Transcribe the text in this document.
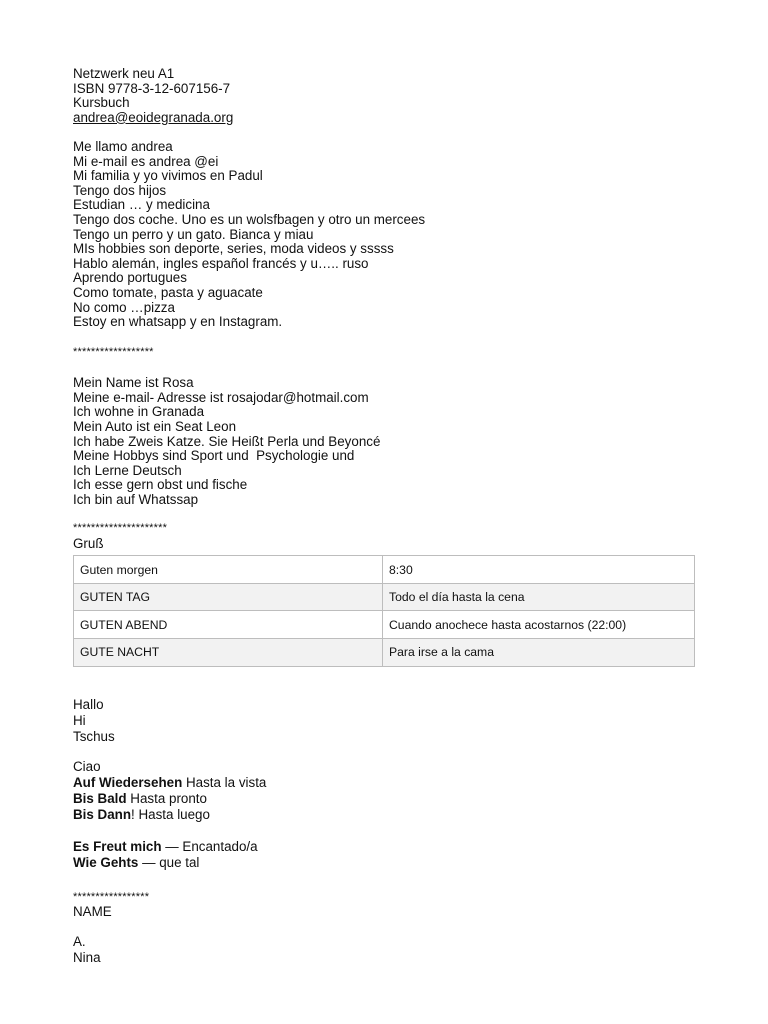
Netzwerk neu A1
ISBN 9778-3-12-607156-7
Kursbuch
andrea@eoidegranada.org
Me llamo andrea
Mi e-mail es andrea @ei
Mi familia y yo vivimos en Padul
Tengo dos hijos
Estudian … y medicina
Tengo dos coche. Uno es un wolsfbagen y otro un mercees
Tengo un perro y un gato. Bianca y miau
MIs hobbies son deporte, series, moda videos y sssss
Hablo alemán, ingles español francés y u….. ruso
Aprendo portugues
Como tomate, pasta y aguacate
No como …pizza
Estoy en whatsapp y en Instagram.
******************
Mein Name ist Rosa
Meine e-mail- Adresse ist rosajodar@hotmail.com
Ich wohne in Granada
Mein Auto ist ein Seat Leon
Ich habe Zweis Katze. Sie Heißt Perla und Beyoncé
Meine Hobbys sind Sport und  Psychologie und
Ich Lerne Deutsch
Ich esse gern obst und fische
Ich bin auf Whatssap
*********************
Gruß
Guten morgen	8:30
GUTEN TAG	Todo el día hasta la cena
GUTEN ABEND	Cuando anochece hasta acostarnos (22:00)
GUTE NACHT	Para irse a la cama
Hallo
Hi
Tschus
Ciao
Auf Wiedersehen Hasta la vista
Bis Bald Hasta pronto
Bis Dann! Hasta luego
Es Freut mich — Encantado/a
Wie Gehts — que tal
*****************
NAME
A.
Nina
